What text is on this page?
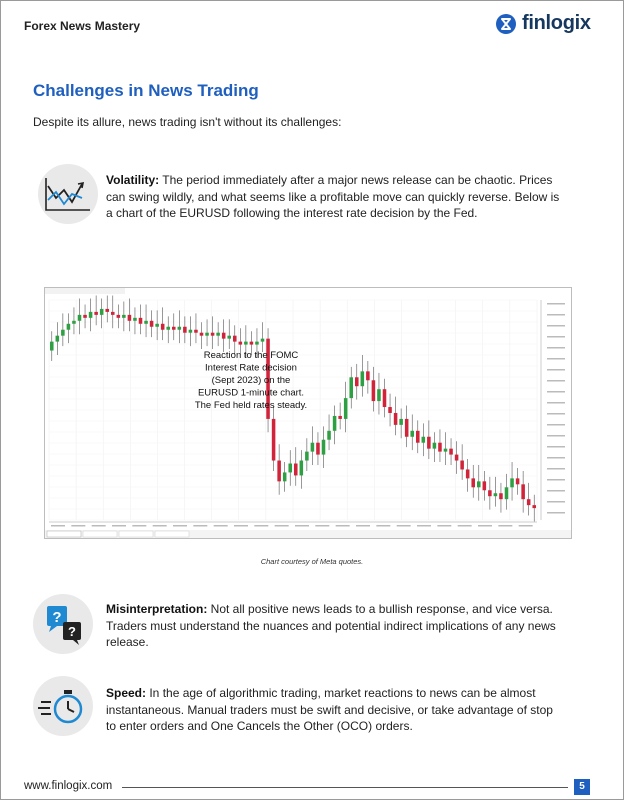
Forex News Mastery	finlogix
Challenges in News Trading
Despite its allure, news trading isn't without its challenges:
Volatility: The period immediately after a major news release can be chaotic. Prices can swing wildly, and what seems like a profitable move can quickly reverse. Below is a chart of the EURUSD following the interest rate decision by the Fed.
Reaction to the FOMC Interest Rate decision (Sept 2023) on the EURUSD 1-minute chart. The Fed held rates steady.
Chart courtesy of Meta quotes.
?
?
Misinterpretation: Not all positive news leads to a bullish response, and vice versa. Traders must understand the nuances and potential indirect implications of any news release.
Speed: In the age of algorithmic trading, market reactions to news can be almost instantaneous. Manual traders must be swift and decisive, or take advantage of stop to enter orders and One Cancels the Other (OCO) orders.
www.finlogix.com	5
